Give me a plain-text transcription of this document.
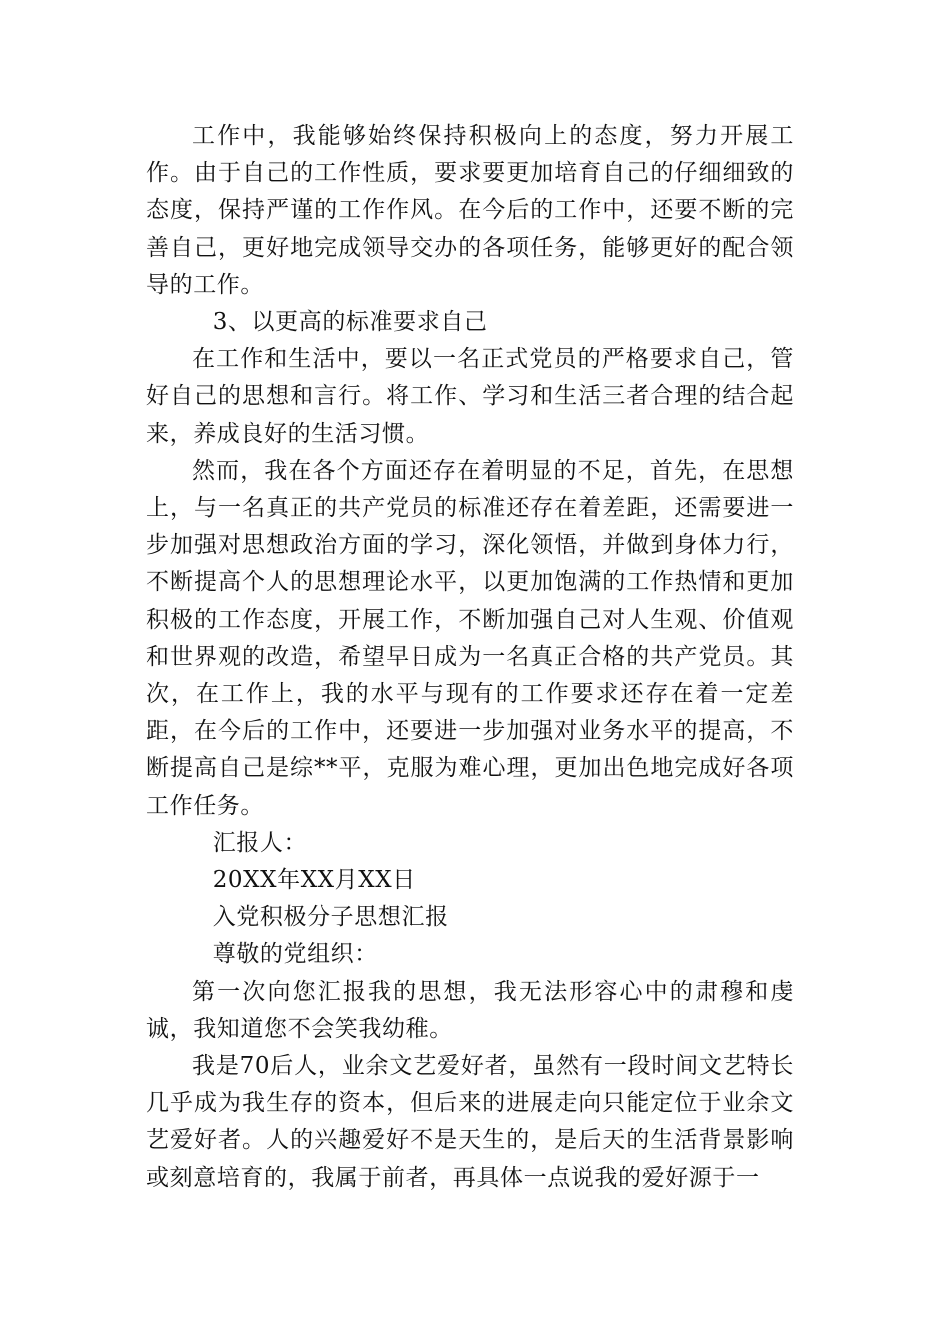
工作中，我能够始终保持积极向上的态度，努力开展工作。由于自己的工作性质，要求要更加培育自己的仔细细致的态度，保持严谨的工作作风。在今后的工作中，还要不断的完善自己，更好地完成领导交办的各项任务，能够更好的配合领导的工作。

3、以更高的标准要求自己

在工作和生活中，要以一名正式党员的严格要求自己，管好自己的思想和言行。将工作、学习和生活三者合理的结合起来，养成良好的生活习惯。

然而，我在各个方面还存在着明显的不足，首先，在思想上，与一名真正的共产党员的标准还存在着差距，还需要进一步加强对思想政治方面的学习，深化领悟，并做到身体力行，不断提高个人的思想理论水平，以更加饱满的工作热情和更加积极的工作态度，开展工作，不断加强自己对人生观、价值观和世界观的改造，希望早日成为一名真正合格的共产党员。其次，在工作上，我的水平与现有的工作要求还存在着一定差距，在今后的工作中，还要进一步加强对业务水平的提高，不断提高自己是综**平，克服为难心理，更加出色地完成好各项工作任务。

汇报人：

20XX年XX月XX日

入党积极分子思想汇报

尊敬的党组织：

第一次向您汇报我的思想，我无法形容心中的肃穆和虔诚，我知道您不会笑我幼稚。

我是70后人，业余文艺爱好者，虽然有一段时间文艺特长几乎成为我生存的资本，但后来的进展走向只能定位于业余文艺爱好者。人的兴趣爱好不是天生的，是后天的生活背景影响或刻意培育的，我属于前者，再具体一点说我的爱好源于一
